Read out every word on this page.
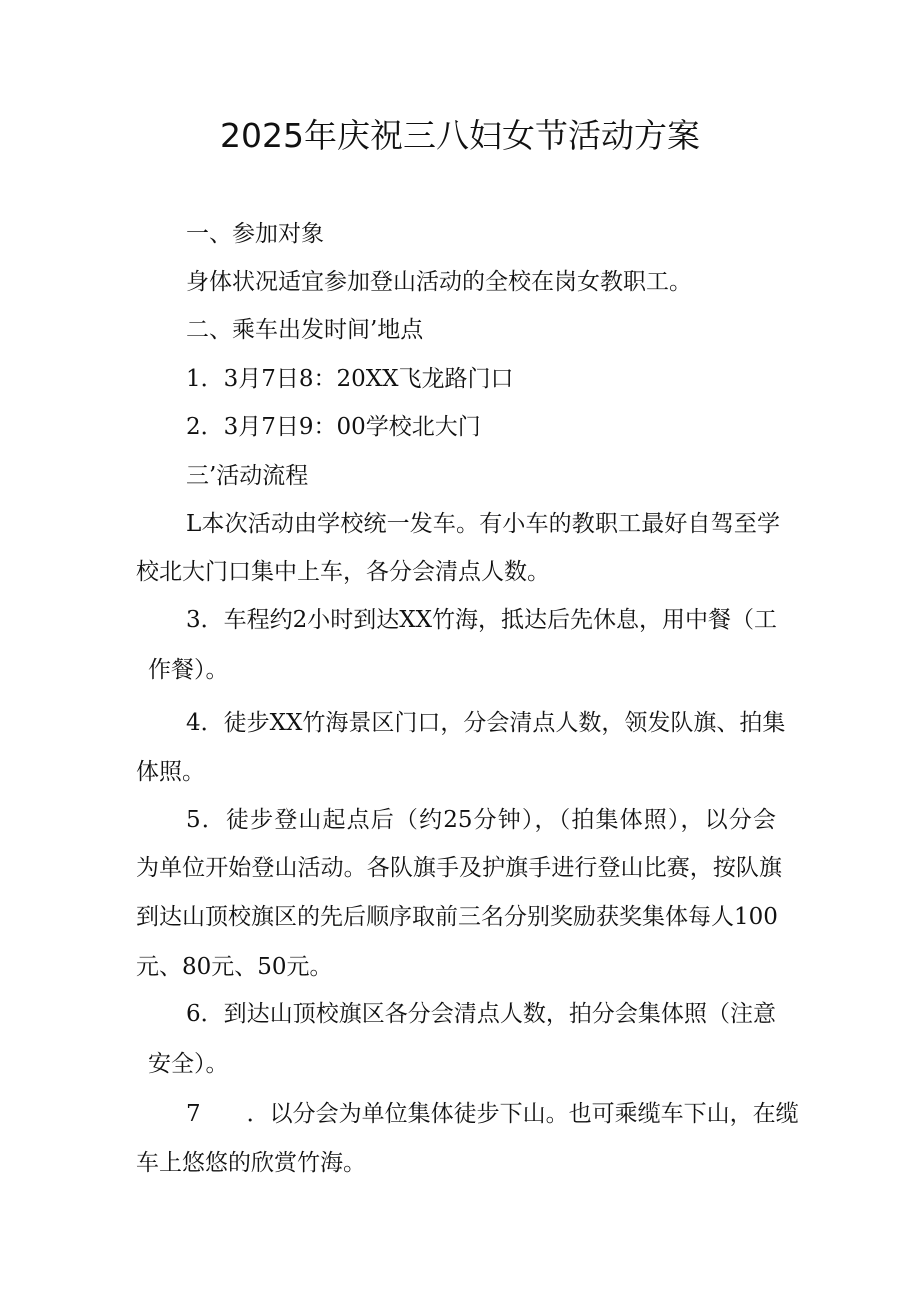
2025年庆祝三八妇女节活动方案
一、参加对象
身体状况适宜参加登山活动的全校在岗女教职工。
二、乘车出发时间’地点
1．3月7日8：20XX飞龙路门口
2．3月7日9：00学校北大门
三’活动流程
L本次活动由学校统一发车。有小车的教职工最好自驾至学
校北大门口集中上车，各分会清点人数。
3．车程约2小时到达XX竹海，抵达后先休息，用中餐（工
作餐）。
4．徒步XX竹海景区门口，分会清点人数，领发队旗、拍集
体照。
5．徒步登山起点后（约25分钟），（拍集体照），以分会
为单位开始登山活动。各队旗手及护旗手进行登山比赛，按队旗
到达山顶校旗区的先后顺序取前三名分别奖励获奖集体每人100
元、80元、50元。
6．到达山顶校旗区各分会清点人数，拍分会集体照（注意
安全）。
7　　．以分会为单位集体徒步下山。也可乘缆车下山，在缆
车上悠悠的欣赏竹海。
